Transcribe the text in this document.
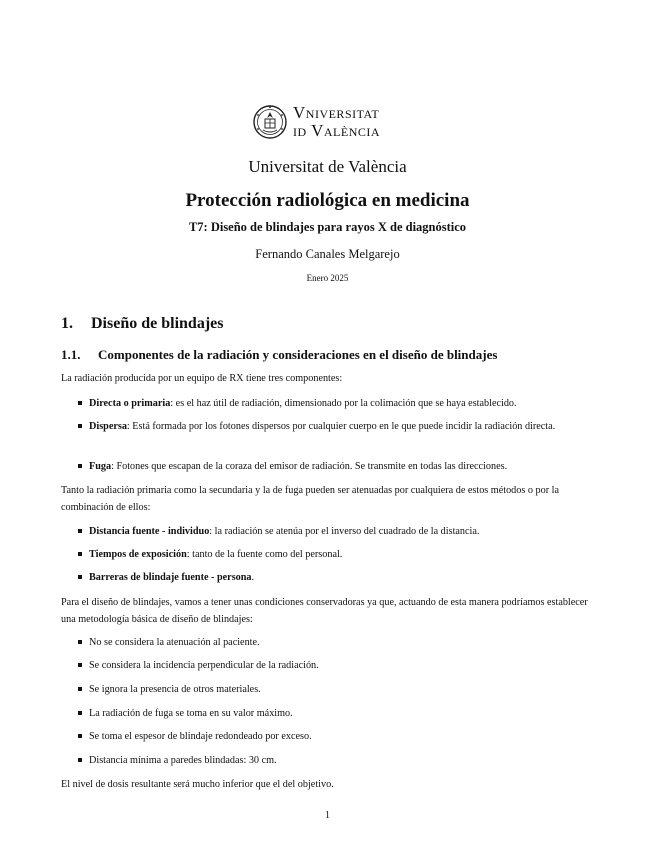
Vniversitat
id València
Universitat de València
Protección radiológica en medicina
T7: Diseño de blindajes para rayos X de diagnóstico
Fernando Canales Melgarejo
Enero 2025
1. Diseño de blindajes
1.1. Componentes de la radiación y consideraciones en el diseño de blindajes
La radiación producida por un equipo de RX tiene tres componentes:
Directa o primaria: es el haz útil de radiación, dimensionado por la colimación que se haya establecido.
Dispersa: Está formada por los fotones dispersos por cualquier cuerpo en le que puede incidir la radiación directa.
Fuga: Fotones que escapan de la coraza del emisor de radiación. Se transmite en todas las direcciones.
Tanto la radiación primaria como la secundaria y la de fuga pueden ser atenuadas por cualquiera de estos métodos o por la combinación de ellos:
Distancia fuente - individuo: la radiación se atenúa por el inverso del cuadrado de la distancia.
Tiempos de exposición: tanto de la fuente como del personal.
Barreras de blindaje fuente - persona.
Para el diseño de blindajes, vamos a tener unas condiciones conservadoras ya que, actuando de esta manera podríamos establecer una metodología básica de diseño de blindajes:
No se considera la atenuación al paciente.
Se considera la incidencia perpendicular de la radiación.
Se ignora la presencia de otros materiales.
La radiación de fuga se toma en su valor máximo.
Se toma el espesor de blindaje redondeado por exceso.
Distancia mínima a paredes blindadas: 30 cm.
El nivel de dosis resultante será mucho inferior que el del objetivo.
1
